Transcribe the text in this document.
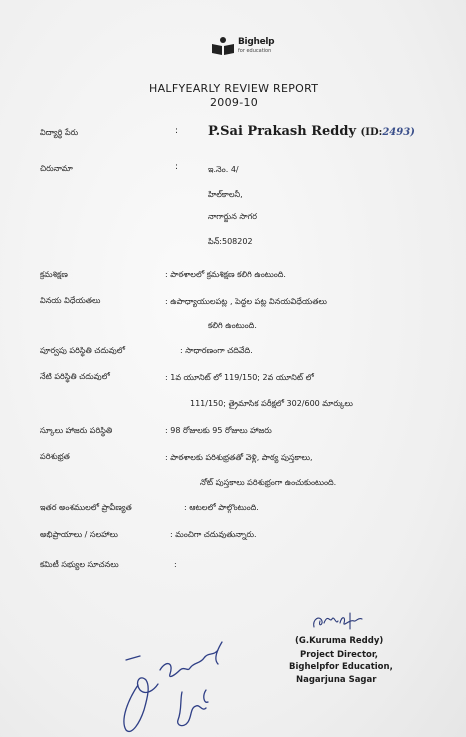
Bighelp
for education
HALFYEARLY REVIEW REPORT
2009-10
విద్యార్థి పేరు	: P.Sai Prakash Reddy (ID:2493)
చిరునామా	:	ఇ.నెం. 4/
హిల్‌కాలనీ,
నాగార్జున సాగర
పిన్:508202
క్రమశిక్షణ	: పాఠశాలలో క్రమశిక్షణ కలిగి ఉంటుంది.
వినయ విధేయతలు	: ఉపాధ్యాయులపట్ల , పెద్దల పట్ల వినయవిధేయతలు
కలిగి ఉంటుంది.
పూర్వపు పరిస్థితి చదువులో	: సాధారణంగా చదివేది.
నేటి పరిస్థితి చదువులో	: 1వ యూనిట్ లో 119/150; 2వ యూనిట్ లో
111/150; త్రైమాసిక పరీక్షలో 302/600 మార్కులు
స్కూలు హాజరు పరిస్థితి	: 98 రోజులకు 95 రోజులు హాజరు
పరిశుభ్రత	: పాఠశాలకు పరిశుభ్రతతో వెళ్లి, పాఠ్య పుస్తకాలు,
నోట్ పుస్తకాలు పరిశుభ్రంగా ఉంచుకుంటుంది.
ఇతర అంశములలో ప్రావీణ్యత	: ఆటలలో పాల్గొంటుంది.
అభిప్రాయాలు / సలహాలు	: మంచిగా చదువుతున్నారు.
కమిటీ సభ్యుల సూచనలు	:
(G.Kuruma Reddy)
Project Director,
Bighelpfor Education,
Nagarjuna Sagar
